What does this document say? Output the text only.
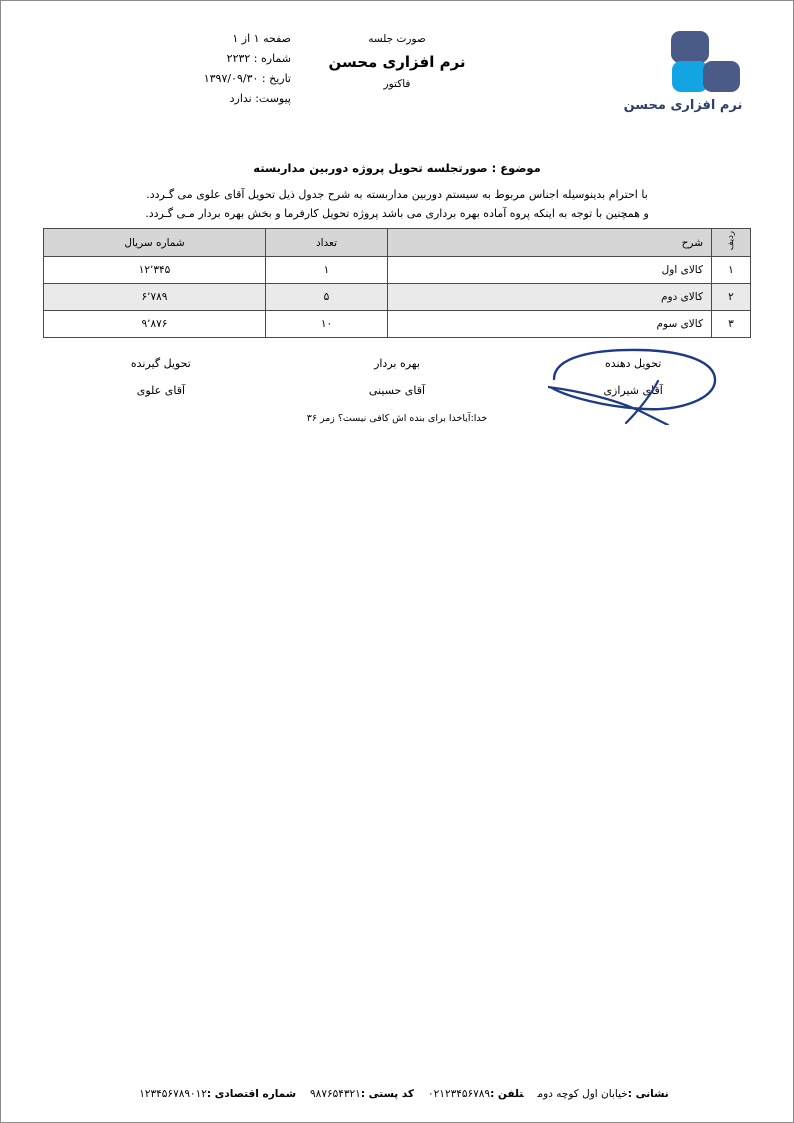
نرم افزاری محسن
صورت جلسه
نرم افزاری محسن
فاکتور
صفحه ۱ از ۱
شماره : ۲۲۳۲
تاریخ : ۱۳۹۷/۰۹/۳۰
پیوست: ندارد
موضوع : صورتجلسه تحویل پروژه دوربین مداربسته

با احترام بدینوسیله اجناس مربوط به سیستم دوربین مداربسته به شرح جدول ذیل تحویل آقای علوی می گـردد.

و همچنین با توجه به اینکه پروه آماده بهره برداری می باشد پروژه تحویل کارفرما و بخش بهره بردار مـی گـردد.

ردیف	شرح	تعداد	شماره سریال
۱	کالای اول	۱	۱۲٬۳۴۵
۲	کالای دوم	۵	۶٬۷۸۹
۳	کالای سوم	۱۰	۹٬۸۷۶
تحویل دهنده
آقای شیرازی
بهره بردار
آقای حسینی
تحویل گیرنده
آقای علوی
خدا:آیاخدا برای بنده اش کافی نیست؟ زمر ۳۶
نشانی :خیابان اول کوچه دومتلفن :۰۲۱۲۳۴۵۶۷۸۹کد پستی :۹۸۷۶۵۴۳۲۱شماره اقتصادی :۱۲۳۴۵۶۷۸۹۰۱۲
